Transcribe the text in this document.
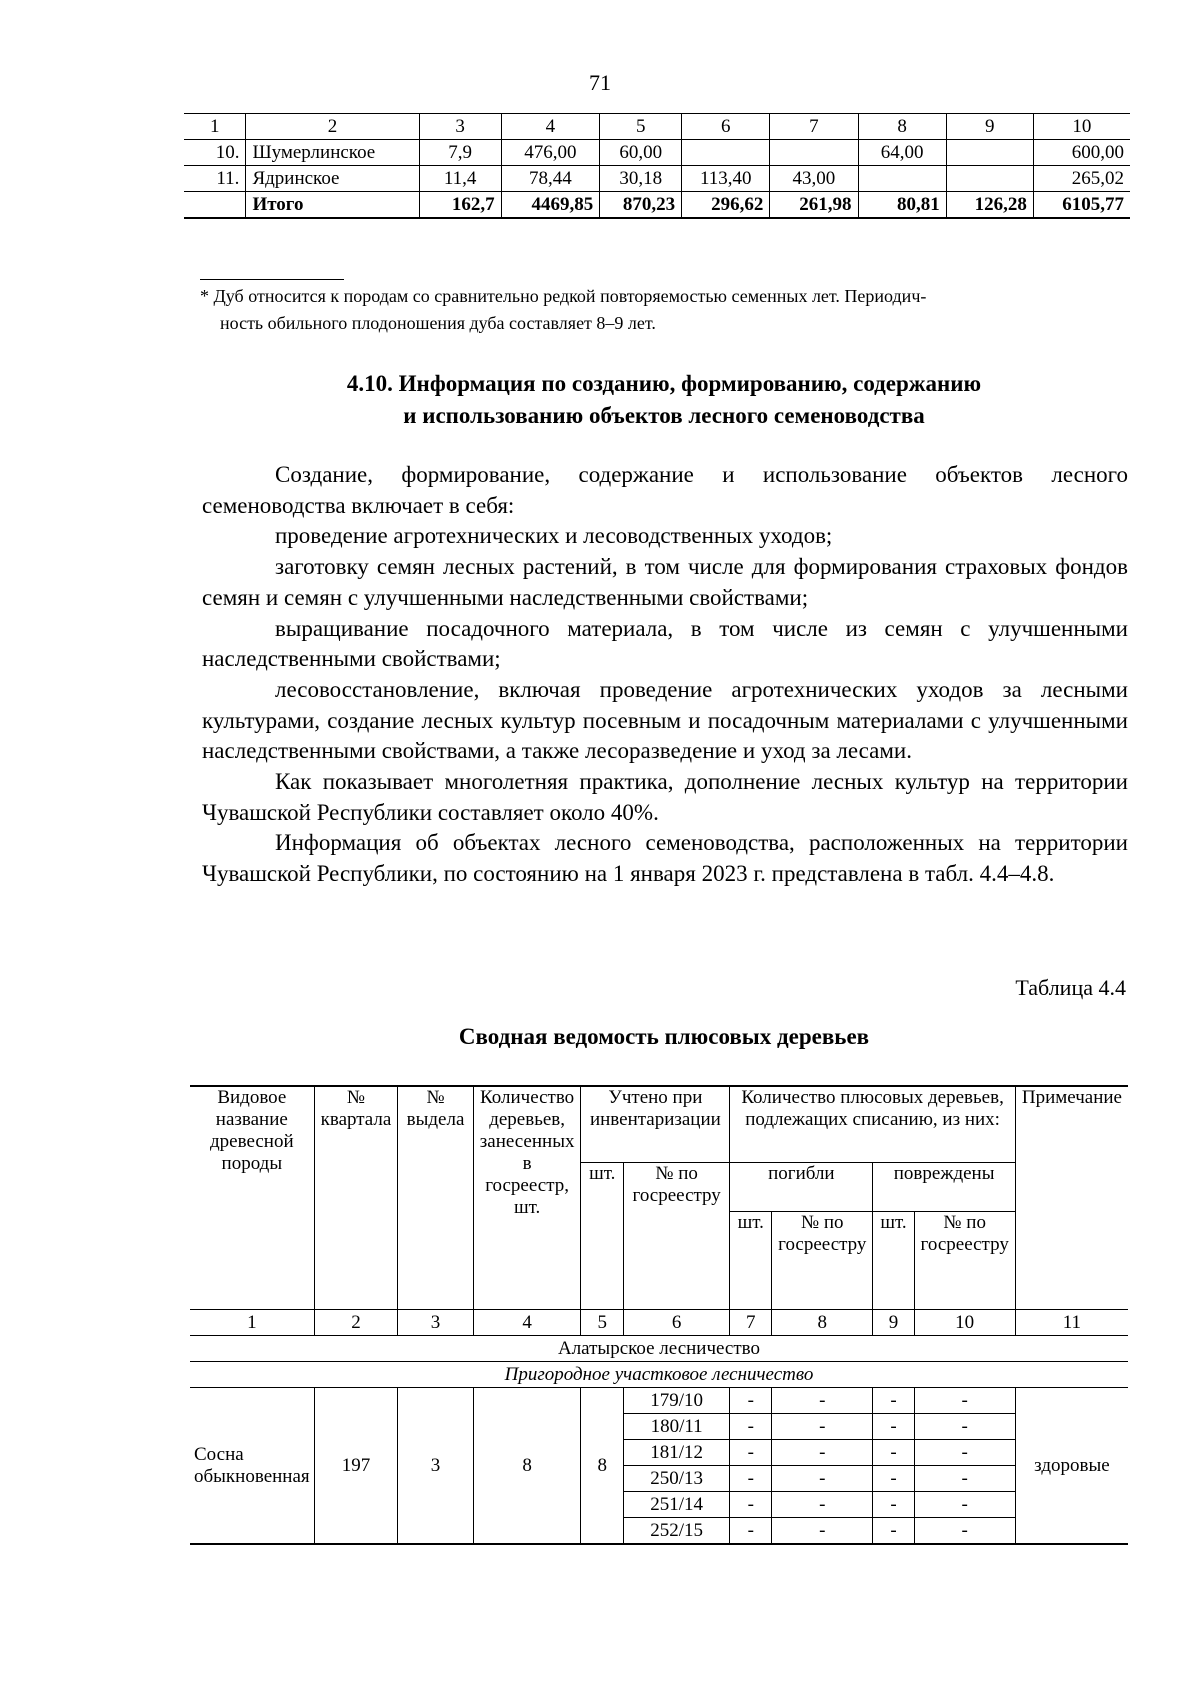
71
1	2	3	4	5	6	7	8	9	10
10.	Шумерлинское	7,9	476,00	60,00			64,00		600,00
11.	Ядринское	11,4	78,44	30,18	113,40	43,00			265,02
	Итого	162,7	4469,85	870,23	296,62	261,98	80,81	126,28	6105,77
* Дуб относится к породам со сравнительно редкой повторяемостью семенных лет. Периодич-
ность обильного плодоношения дуба составляет 8–9 лет.
4.10. Информация по созданию, формированию, содержанию
и использованию объектов лесного семеноводства

Создание, формирование, содержание и использование объектов лесного семеноводства включает в себя:

проведение агротехнических и лесоводственных уходов;

заготовку семян лесных растений, в том числе для формирования страховых фондов семян и семян с улучшенными наследственными свойствами;

выращивание посадочного материала, в том числе из семян с улучшенными наследственными свойствами;

лесовосстановление, включая проведение агротехнических уходов за лесными культурами, создание лесных культур посевным и посадочным материалами с улучшенными наследственными свойствами, а также лесоразведение и уход за лесами.

Как показывает многолетняя практика, дополнение лесных культур на территории Чувашской Республики составляет около 40%.

Информация об объектах лесного семеноводства, расположенных на территории Чувашской Республики, по состоянию на 1 января 2023 г. представлена в табл. 4.4–4.8.

Таблица 4.4
Сводная ведомость плюсовых деревьев
Видовое название древесной породы	№ квартала	№ выдела	Количество деревьев, занесенных в госреестр, шт.	Учтено при инвентаризации		Количество плюсовых деревьев, подлежащих списанию, из них:				Примечание
				шт.	№ по госреестру	погибли		повреждены		
						шт.	№ по госреестру	шт.	№ по госреестру	
1	2	3	4	5	6	7	8	9	10	11
Алатырское лесничество										
Пригородное участковое лесничество										
Сосна обыкновенная	197	3	8	8	179/10	-	-	-	-	здоровые
					180/11	-	-	-	-	
					181/12	-	-	-	-	
					250/13	-	-	-	-	
					251/14	-	-	-	-	
					252/15	-	-	-	-	
